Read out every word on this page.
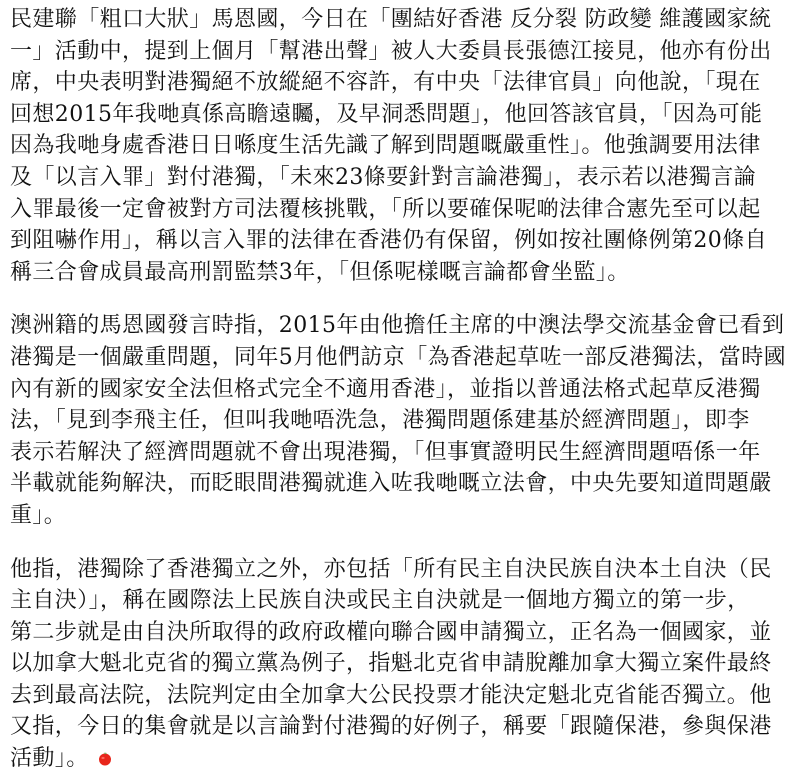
民建聯「粗口大狀」馬恩國，今日在「團結好香港 反分裂 防政變 維護國家統
一」活動中，提到上個月「幫港出聲」被人大委員長張德江接見，他亦有份出
席，中央表明對港獨絕不放縱絕不容許，有中央「法律官員」向他說，「現在
回想2015年我哋真係高瞻遠矚，及早洞悉問題」，他回答該官員，「因為可能
因為我哋身處香港日日喺度生活先識了解到問題嘅嚴重性」。他強調要用法律
及「以言入罪」對付港獨，「未來23條要針對言論港獨」，表示若以港獨言論
入罪最後一定會被對方司法覆核挑戰，「所以要確保呢啲法律合憲先至可以起
到阻嚇作用」，稱以言入罪的法律在香港仍有保留，例如按社團條例第20條自
稱三合會成員最高刑罰監禁3年，「但係呢樣嘅言論都會坐監」。
澳洲籍的馬恩國發言時指，2015年由他擔任主席的中澳法學交流基金會已看到
港獨是一個嚴重問題，同年5月他們訪京「為香港起草咗一部反港獨法，當時國
內有新的國家安全法但格式完全不適用香港」，並指以普通法格式起草反港獨
法，「見到李飛主任，但叫我哋唔洗急，港獨問題係建基於經濟問題」，即李
表示若解決了經濟問題就不會出現港獨，「但事實證明民生經濟問題唔係一年
半載就能夠解決，而眨眼間港獨就進入咗我哋嘅立法會，中央先要知道問題嚴
重」。
他指，港獨除了香港獨立之外，亦包括「所有民主自決民族自決本土自決（民
主自決）」，稱在國際法上民族自決或民主自決就是一個地方獨立的第一步，
第二步就是由自決所取得的政府政權向聯合國申請獨立，正名為一個國家，並
以加拿大魁北克省的獨立黨為例子，指魁北克省申請脫離加拿大獨立案件最終
去到最高法院，法院判定由全加拿大公民投票才能決定魁北克省能否獨立。他
又指，今日的集會就是以言論對付港獨的好例子，稱要「跟隨保港，參與保港
活動」。
